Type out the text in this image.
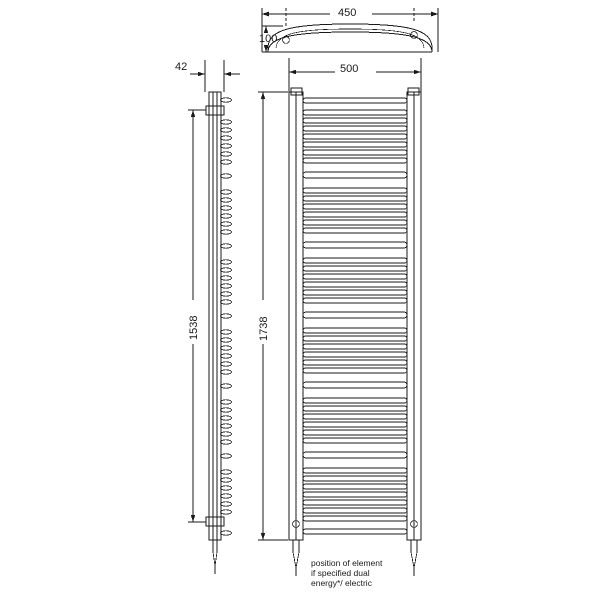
450
100
42	500
1538	1738
position of element
if specified dual
energy*/ electric
